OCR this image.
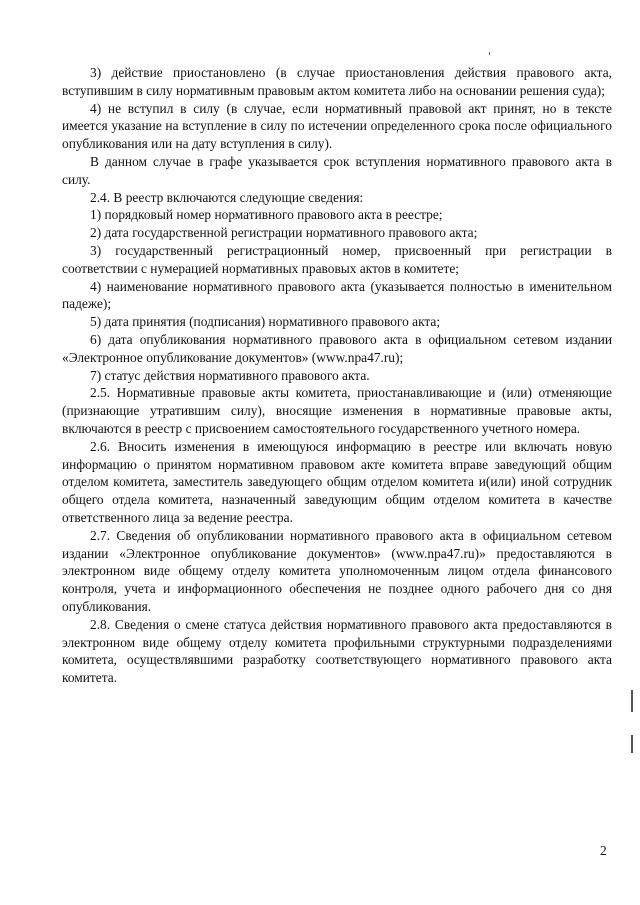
3) действие приостановлено (в случае приостановления действия правового акта, вступившим в силу нормативным правовым актом комитета либо на основании решения суда);

4) не вступил в силу (в случае, если нормативный правовой акт принят, но в тексте имеется указание на вступление в силу по истечении определенного срока после официального опубликования или на дату вступления в силу).

В данном случае в графе указывается срок вступления нормативного правового акта в силу.

2.4. В реестр включаются следующие сведения:

1) порядковый номер нормативного правового акта в реестре;

2) дата государственной регистрации нормативного правового акта;

3) государственный регистрационный номер, присвоенный при регистрации в соответствии с нумерацией нормативных правовых актов в комитете;

4) наименование нормативного правового акта (указывается полностью в именительном падеже);

5) дата принятия (подписания) нормативного правового акта;

6) дата опубликования нормативного правового акта в официальном сетевом издании «Электронное опубликование документов» (www.npa47.ru);

7) статус действия нормативного правового акта.

2.5. Нормативные правовые акты комитета, приостанавливающие и (или) отменяющие (признающие утратившим силу), вносящие изменения в нормативные правовые акты, включаются в реестр с присвоением самостоятельного государственного учетного номера.

2.6. Вносить изменения в имеющуюся информацию в реестре или включать новую информацию о принятом нормативном правовом акте комитета вправе заведующий общим отделом комитета, заместитель заведующего общим отделом комитета и(или) иной сотрудник общего отдела комитета, назначенный заведующим общим отделом комитета в качестве ответственного лица за ведение реестра.

2.7. Сведения об опубликовании нормативного правового акта в официальном сетевом издании «Электронное опубликование документов» (www.npa47.ru)» предоставляются в электронном виде общему отделу комитета уполномоченным лицом отдела финансового контроля, учета и информационного обеспечения не позднее одного рабочего дня со дня опубликования.

2.8. Сведения о смене статуса действия нормативного правового акта предоставляются в электронном виде общему отделу комитета профильными структурными подразделениями комитета, осуществлявшими разработку соответствующего нормативного правового акта комитета.

2
